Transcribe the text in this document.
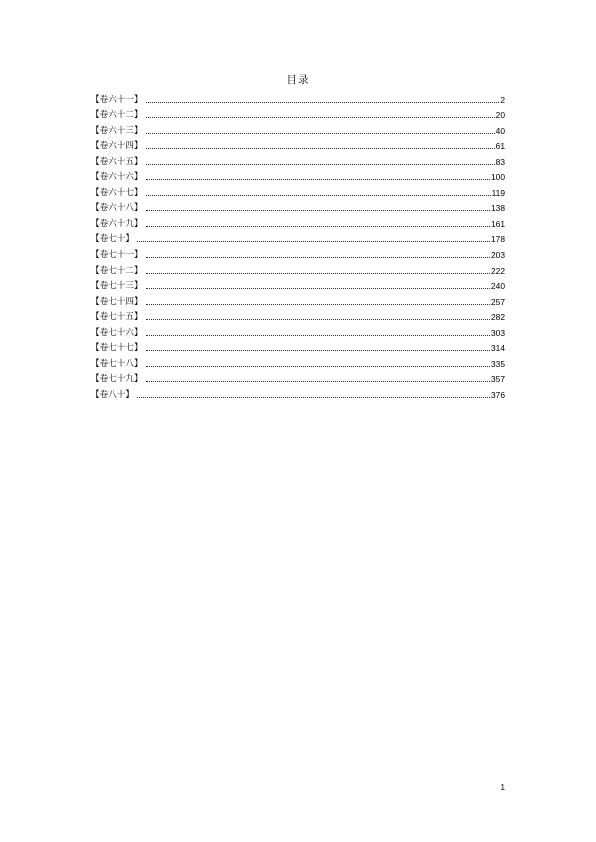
目录
【卷六十一】	2
【卷六十二】	20
【卷六十三】	40
【卷六十四】	61
【卷六十五】	83
【卷六十六】	100
【卷六十七】	119
【卷六十八】	138
【卷六十九】	161
【卷七十】	178
【卷七十一】	203
【卷七十二】	222
【卷七十三】	240
【卷七十四】	257
【卷七十五】	282
【卷七十六】	303
【卷七十七】	314
【卷七十八】	335
【卷七十九】	357
【卷八十】	376
1
